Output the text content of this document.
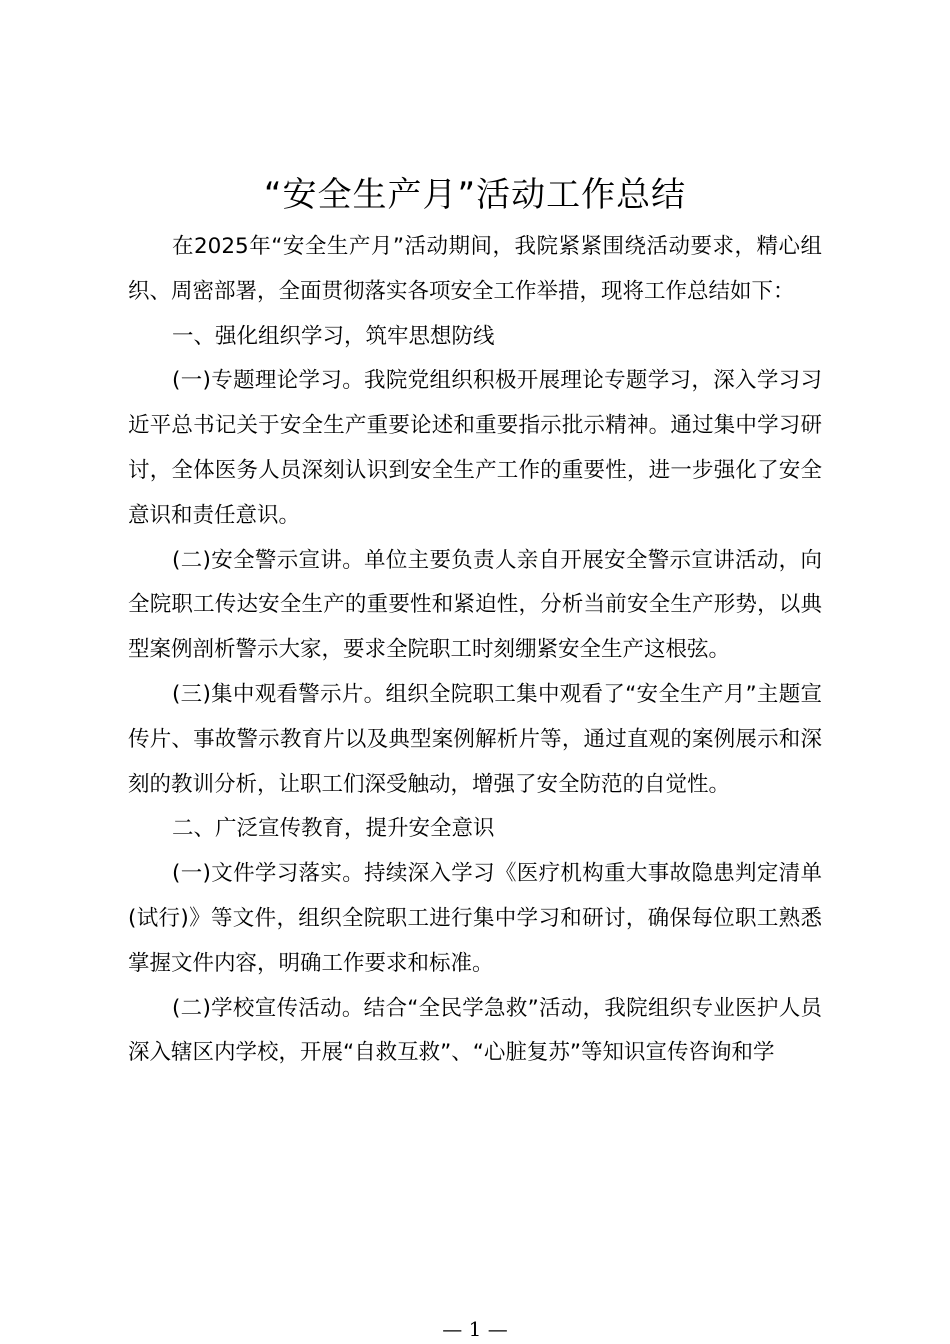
“安全生产月”活动工作总结

在2025年“安全生产月”活动期间，我院紧紧围绕活动要求，精心组织、周密部署，全面贯彻落实各项安全工作举措，现将工作总结如下：

一、强化组织学习，筑牢思想防线

(一)专题理论学习。我院党组织积极开展理论专题学习，深入学习习近平总书记关于安全生产重要论述和重要指示批示精神。通过集中学习研讨，全体医务人员深刻认识到安全生产工作的重要性，进一步强化了安全意识和责任意识。

(二)安全警示宣讲。单位主要负责人亲自开展安全警示宣讲活动，向全院职工传达安全生产的重要性和紧迫性，分析当前安全生产形势，以典型案例剖析警示大家，要求全院职工时刻绷紧安全生产这根弦。

(三)集中观看警示片。组织全院职工集中观看了“安全生产月”主题宣传片、事故警示教育片以及典型案例解析片等，通过直观的案例展示和深刻的教训分析，让职工们深受触动，增强了安全防范的自觉性。

二、广泛宣传教育，提升安全意识

(一)文件学习落实。持续深入学习《医疗机构重大事故隐患判定清单(试行)》等文件，组织全院职工进行集中学习和研讨，确保每位职工熟悉掌握文件内容，明确工作要求和标准。

(二)学校宣传活动。结合“全民学急救”活动，我院组织专业医护人员深入辖区内学校，开展“自救互救”、“心脏复苏”等知识宣传咨询和学

— 1 —
